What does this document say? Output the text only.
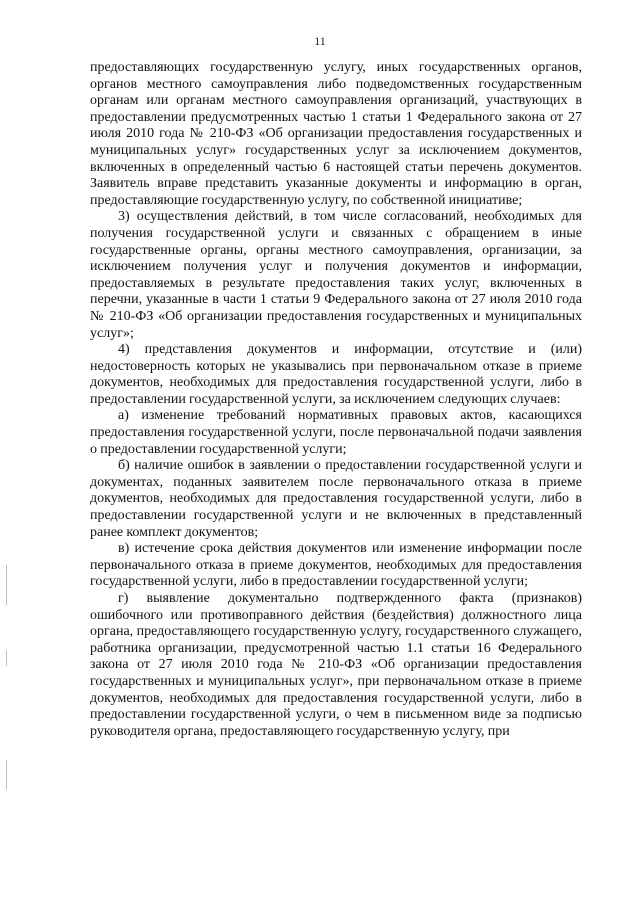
11

предоставляющих государственную услугу, иных государственных органов, органов местного самоуправления либо подведомственных государственным органам или органам местного самоуправления организаций, участвующих в предоставлении предусмотренных частью 1 статьи 1 Федерального закона от 27 июля 2010 года № 210-ФЗ «Об организации предоставления государственных и муниципальных услуг» государственных услуг за исключением документов, включенных в определенный частью 6 настоящей статьи перечень документов. Заявитель вправе представить указанные документы и информацию в орган, предоставляющие государственную услугу, по собственной инициативе;

3) осуществления действий, в том числе согласований, необходимых для получения государственной услуги и связанных с обращением в иные государственные органы, органы местного самоуправления, организации, за исключением получения услуг и получения документов и информации, предоставляемых в результате предоставления таких услуг, включенных в перечни, указанные в части 1 статьи 9 Федерального закона от 27 июля 2010 года № 210-ФЗ «Об организации предоставления государственных и муниципальных услуг»;

4) представления документов и информации, отсутствие и (или) недостоверность которых не указывались при первоначальном отказе в приеме документов, необходимых для предоставления государственной услуги, либо в предоставлении государственной услуги, за исключением следующих случаев:

а) изменение требований нормативных правовых актов, касающихся предоставления государственной услуги, после первоначальной подачи заявления о предоставлении государственной услуги;

б) наличие ошибок в заявлении о предоставлении государственной услуги и документах, поданных заявителем после первоначального отказа в приеме документов, необходимых для предоставления государственной услуги, либо в предоставлении государственной услуги и не включенных в представленный ранее комплект документов;

в) истечение срока действия документов или изменение информации после первоначального отказа в приеме документов, необходимых для предоставления государственной услуги, либо в предоставлении государственной услуги;

г) выявление документально подтвержденного факта (признаков) ошибочного или противоправного действия (бездействия) должностного лица органа, предоставляющего государственную услугу, государственного служащего, работника организации, предусмотренной частью 1.1 статьи 16 Федерального закона от 27 июля 2010 года № 210-ФЗ «Об организации предоставления государственных и муниципальных услуг», при первоначальном отказе в приеме документов, необходимых для предоставления государственной услуги, либо в предоставлении государственной услуги, о чем в письменном виде за подписью руководителя органа, предоставляющего государственную услугу, при
